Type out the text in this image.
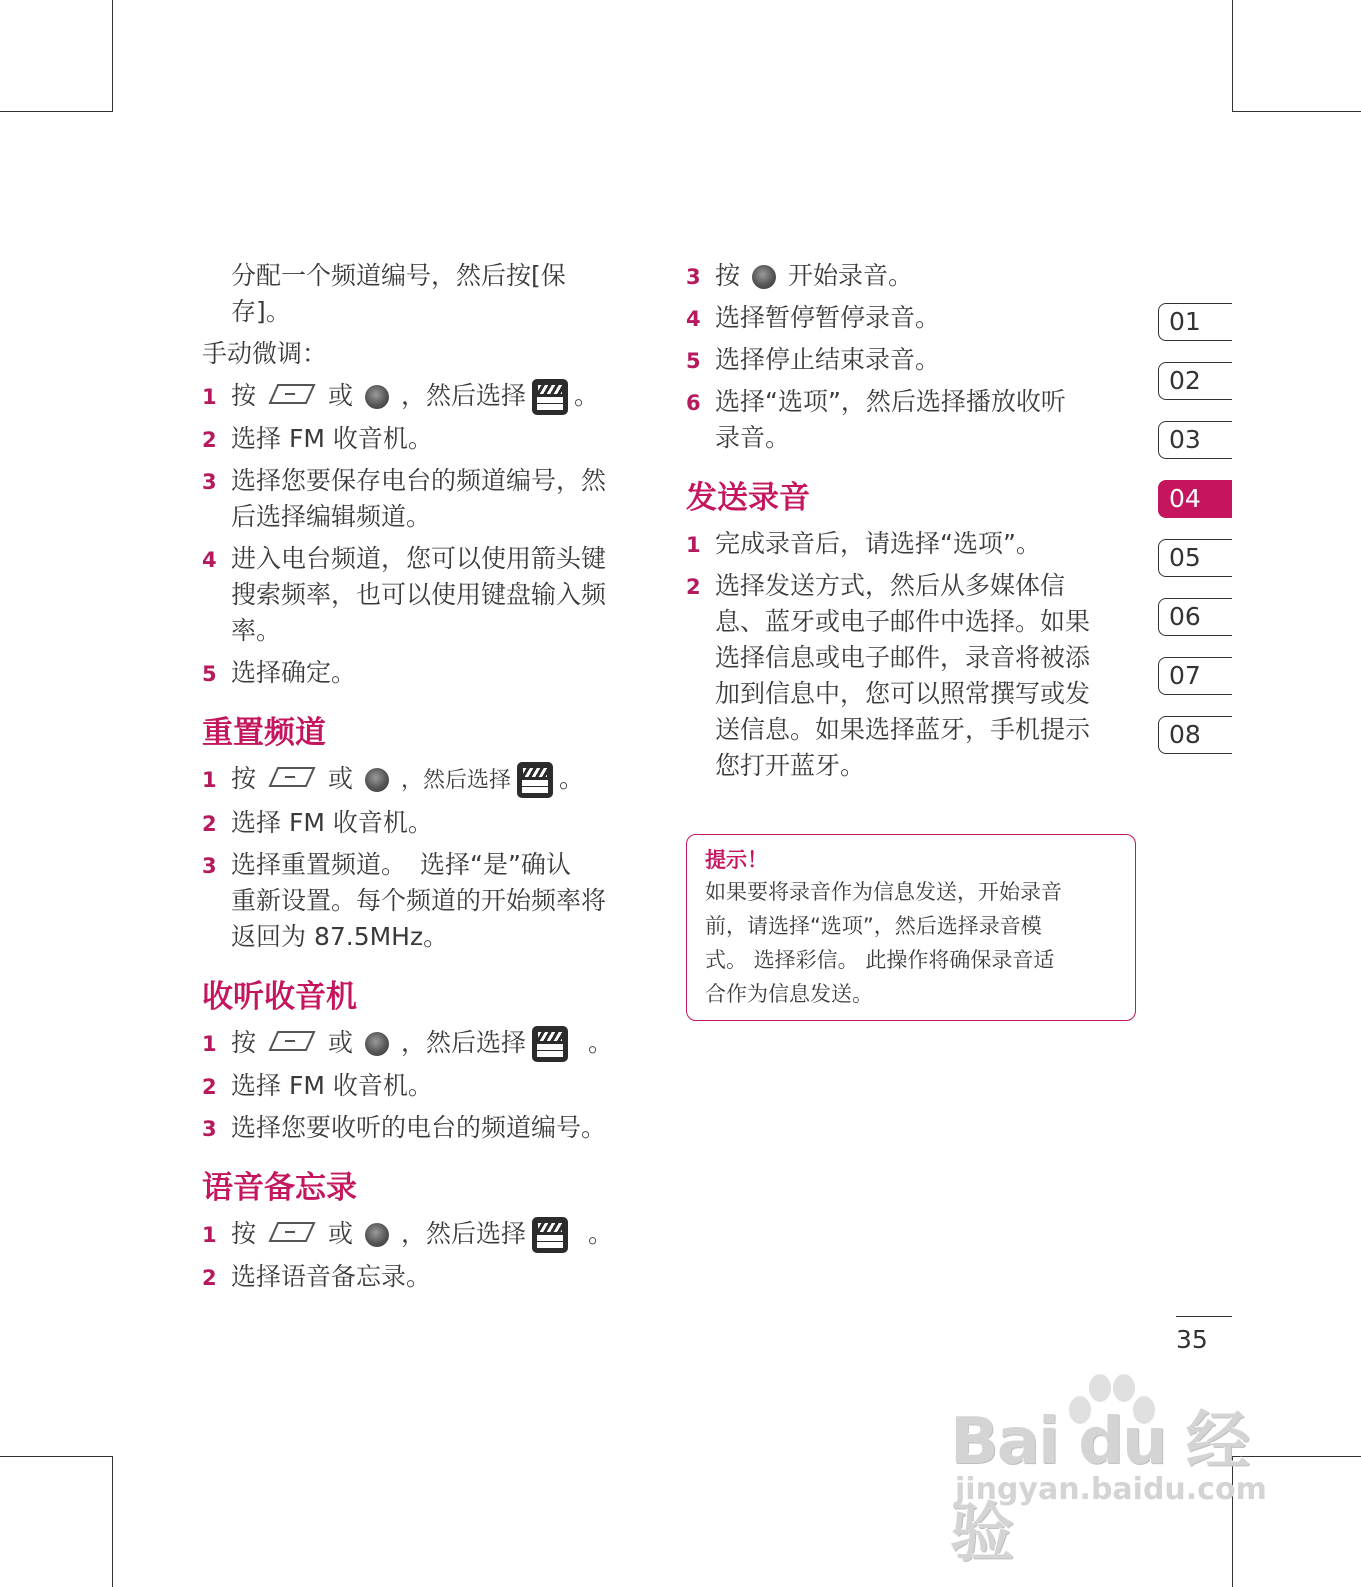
分配一个频道编号，然后按[保
存]。
手动微调：
1 按	或 ，然后选择 。
2 选择 FM 收音机。
3 选择您要保存电台的频道编号，然
后选择编辑频道。
4 进入电台频道，您可以使用箭头键
搜索频率，也可以使用键盘输入频
率。
5 选择确定。
重置频道
1 按	或 ，然后选择 。
2 选择 FM 收音机。
3 选择重置频道。 选择“是”确认
重新设置。每个频道的开始频率将
返回为 87.5MHz。
收听收音机
1 按	或 ，然后选择 。
2 选择 FM 收音机。
3 选择您要收听的电台的频道编号。
语音备忘录
1 按	或 ，然后选择 。
2 选择语音备忘录。
3 按 开始录音。
4 选择暂停暂停录音。
5 选择停止结束录音。
6 选择“选项”，然后选择播放收听
录音。
发送录音
1 完成录音后，请选择“选项”。
2 选择发送方式，然后从多媒体信
息、蓝牙或电子邮件中选择。如果
选择信息或电子邮件，录音将被添
加到信息中，您可以照常撰写或发
送信息。如果选择蓝牙，手机提示
您打开蓝牙。
提示！
如果要将录音作为信息发送，开始录音
前，请选择“选项”，然后选择录音模
式。 选择彩信。 此操作将确保录音适
合作为信息发送。
01
02
03
04
05
06
07
08
35
Bai du 经验
jingyan.baidu.com
